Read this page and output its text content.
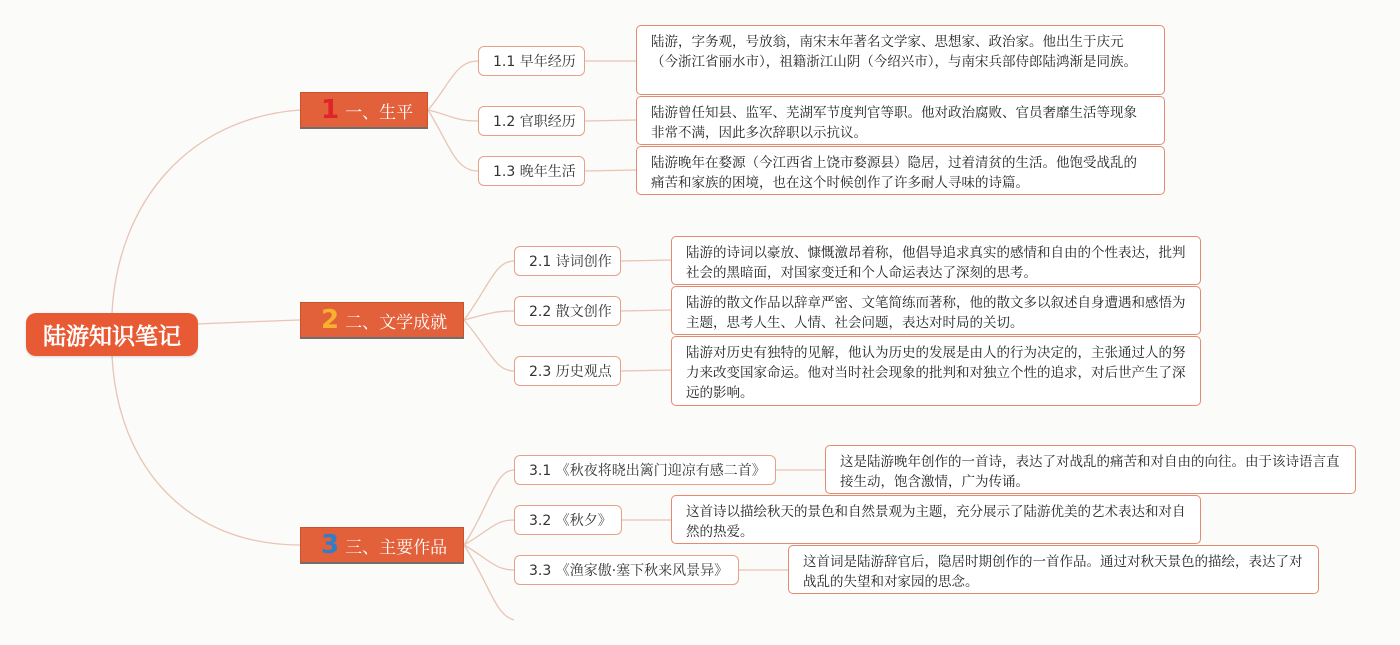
陆游知识笔记
1 一、生平
1.1 早年经历
1.2 官职经历
1.3 晚年生活
陆游，字务观，号放翁，南宋末年著名文学家、思想家、政治家。他出生于庆元（今浙江省丽水市），祖籍浙江山阴（今绍兴市），与南宋兵部侍郎陆鸿渐是同族。
陆游曾任知县、监军、芜湖军节度判官等职。他对政治腐败、官员奢靡生活等现象非常不满，因此多次辞职以示抗议。
陆游晚年在婺源（今江西省上饶市婺源县）隐居，过着清贫的生活。他饱受战乱的痛苦和家族的困境，也在这个时候创作了许多耐人寻味的诗篇。
2 二、文学成就
2.1 诗词创作
2.2 散文创作
2.3 历史观点
陆游的诗词以豪放、慷慨激昂着称，他倡导追求真实的感情和自由的个性表达，批判社会的黑暗面，对国家变迁和个人命运表达了深刻的思考。
陆游的散文作品以辞章严密、文笔简练而著称，他的散文多以叙述自身遭遇和感悟为主题，思考人生、人情、社会问题，表达对时局的关切。
陆游对历史有独特的见解，他认为历史的发展是由人的行为决定的，主张通过人的努力来改变国家命运。他对当时社会现象的批判和对独立个性的追求，对后世产生了深远的影响。
3 三、主要作品
3.1 《秋夜将晓出篱门迎凉有感二首》
3.2 《秋夕》
3.3 《渔家傲·塞下秋来风景异》
这是陆游晚年创作的一首诗，表达了对战乱的痛苦和对自由的向往。由于该诗语言直接生动，饱含激情，广为传诵。
这首诗以描绘秋天的景色和自然景观为主题，充分展示了陆游优美的艺术表达和对自然的热爱。
这首词是陆游辞官后，隐居时期创作的一首作品。通过对秋天景色的描绘，表达了对战乱的失望和对家园的思念。
